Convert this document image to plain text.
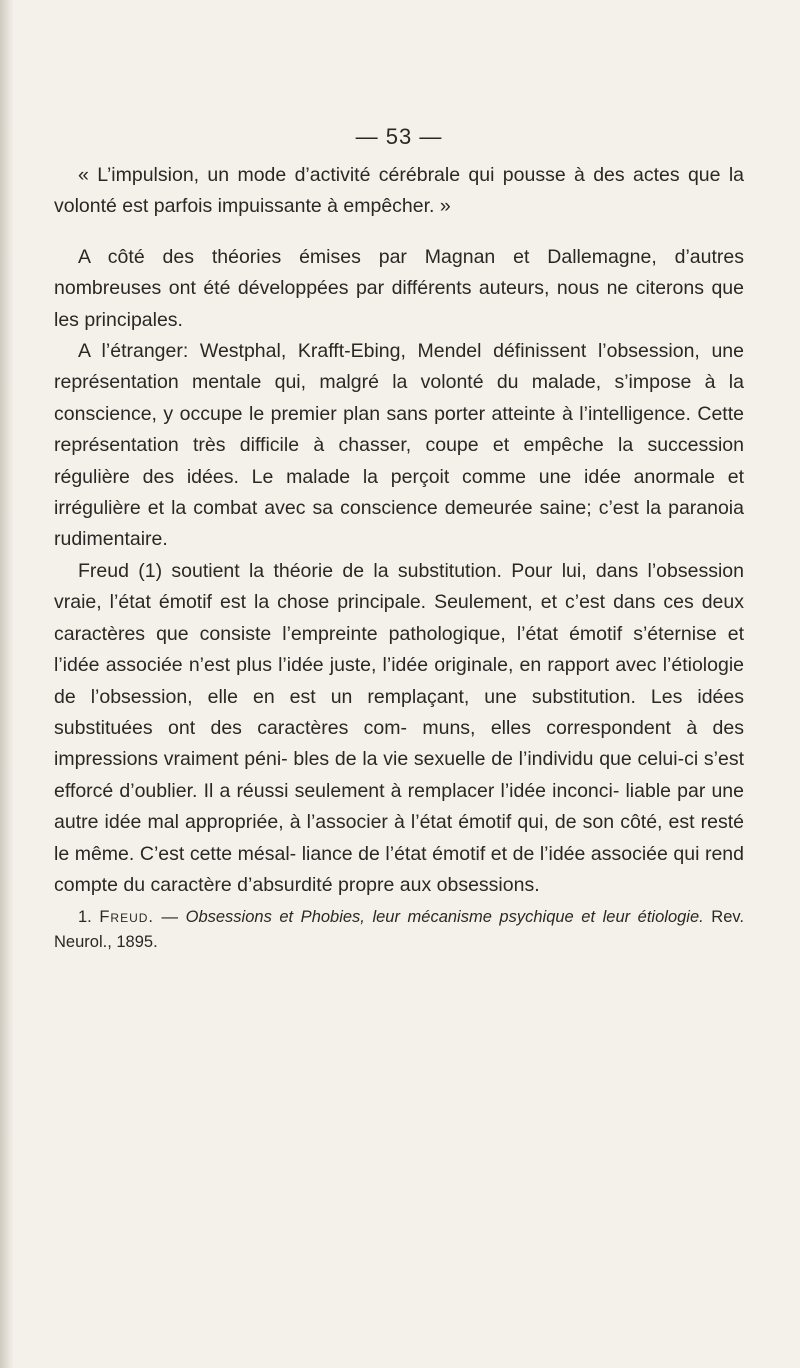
— 53 —

« L’impulsion, un mode d’activité cérébrale qui pousse à des actes que la volonté est parfois impuissante à empêcher. »

A côté des théories émises par Magnan et Dallemagne, d’autres nombreuses ont été développées par différents auteurs, nous ne citerons que les principales.

A l’étranger: Westphal, Krafft-Ebing, Mendel définissent l’obsession, une représentation mentale qui, malgré la volonté du malade, s’impose à la conscience, y occupe le premier plan sans porter atteinte à l’intelligence. Cette représentation très difficile à chasser, coupe et empêche la succession régulière des idées. Le malade la perçoit comme une idée anormale et irrégulière et la combat avec sa conscience demeurée saine; c’est la paranoia rudimentaire.

Freud (1) soutient la théorie de la substitution. Pour lui, dans l’obsession vraie, l’état émotif est la chose principale. Seulement, et c’est dans ces deux caractères que consiste l’empreinte pathologique, l’état émotif s’éternise et l’idée associée n’est plus l’idée juste, l’idée originale, en rapport avec l’étiologie de l’obsession, elle en est un remplaçant, une substitution. Les idées substituées ont des caractères com- muns, elles correspondent à des impressions vraiment péni- bles de la vie sexuelle de l’individu que celui-ci s’est efforcé d’oublier. Il a réussi seulement à remplacer l’idée inconci- liable par une autre idée mal appropriée, à l’associer à l’état émotif qui, de son côté, est resté le même. C’est cette mésal- liance de l’état émotif et de l’idée associée qui rend compte du caractère d’absurdité propre aux obsessions.

1. Freud. — Obsessions et Phobies, leur mécanisme psychique et leur étiologie. Rev. Neurol., 1895.
